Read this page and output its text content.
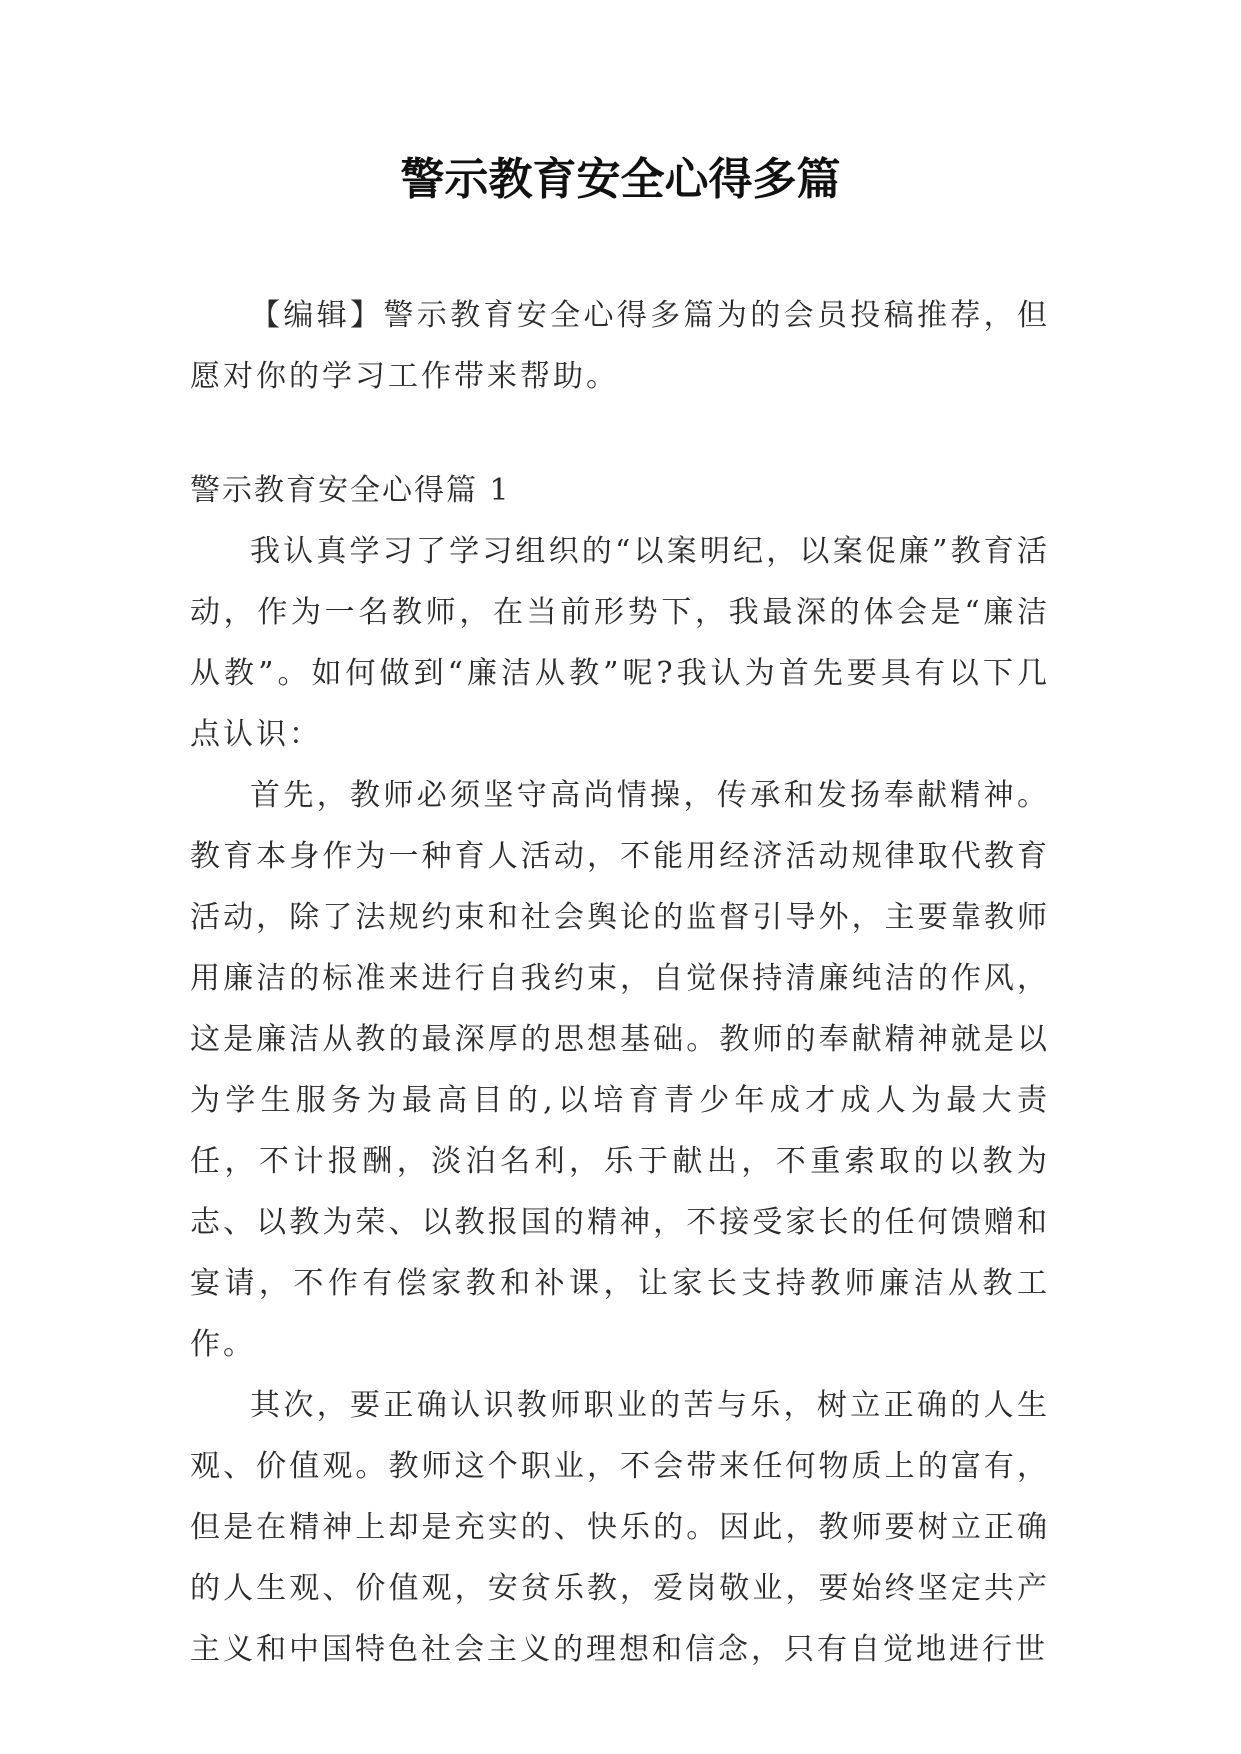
警示教育安全心得多篇

【编辑】警示教育安全心得多篇为的会员投稿推荐，但愿对你的学习工作带来帮助。

警示教育安全心得篇 1

我认真学习了学习组织的“以案明纪，以案促廉”教育活动，作为一名教师，在当前形势下，我最深的体会是“廉洁从教”。如何做到“廉洁从教”呢?我认为首先要具有以下几点认识：

首先，教师必须坚守高尚情操，传承和发扬奉献精神。教育本身作为一种育人活动，不能用经济活动规律取代教育活动，除了法规约束和社会舆论的监督引导外，主要靠教师用廉洁的标准来进行自我约束，自觉保持清廉纯洁的作风，这是廉洁从教的最深厚的思想基础。教师的奉献精神就是以为学生服务为最高目的,以培育青少年成才成人为最大责任，不计报酬，淡泊名利，乐于献出，不重索取的以教为志、以教为荣、以教报国的精神，不接受家长的任何馈赠和宴请，不作有偿家教和补课，让家长支持教师廉洁从教工作。

其次，要正确认识教师职业的苦与乐，树立正确的人生观、价值观。教师这个职业，不会带来任何物质上的富有，但是在精神上却是充实的、快乐的。因此，教师要树立正确的人生观、价值观，安贫乐教，爱岗敬业，要始终坚定共产主义和中国特色社会主义的理想和信念，只有自觉地进行世
